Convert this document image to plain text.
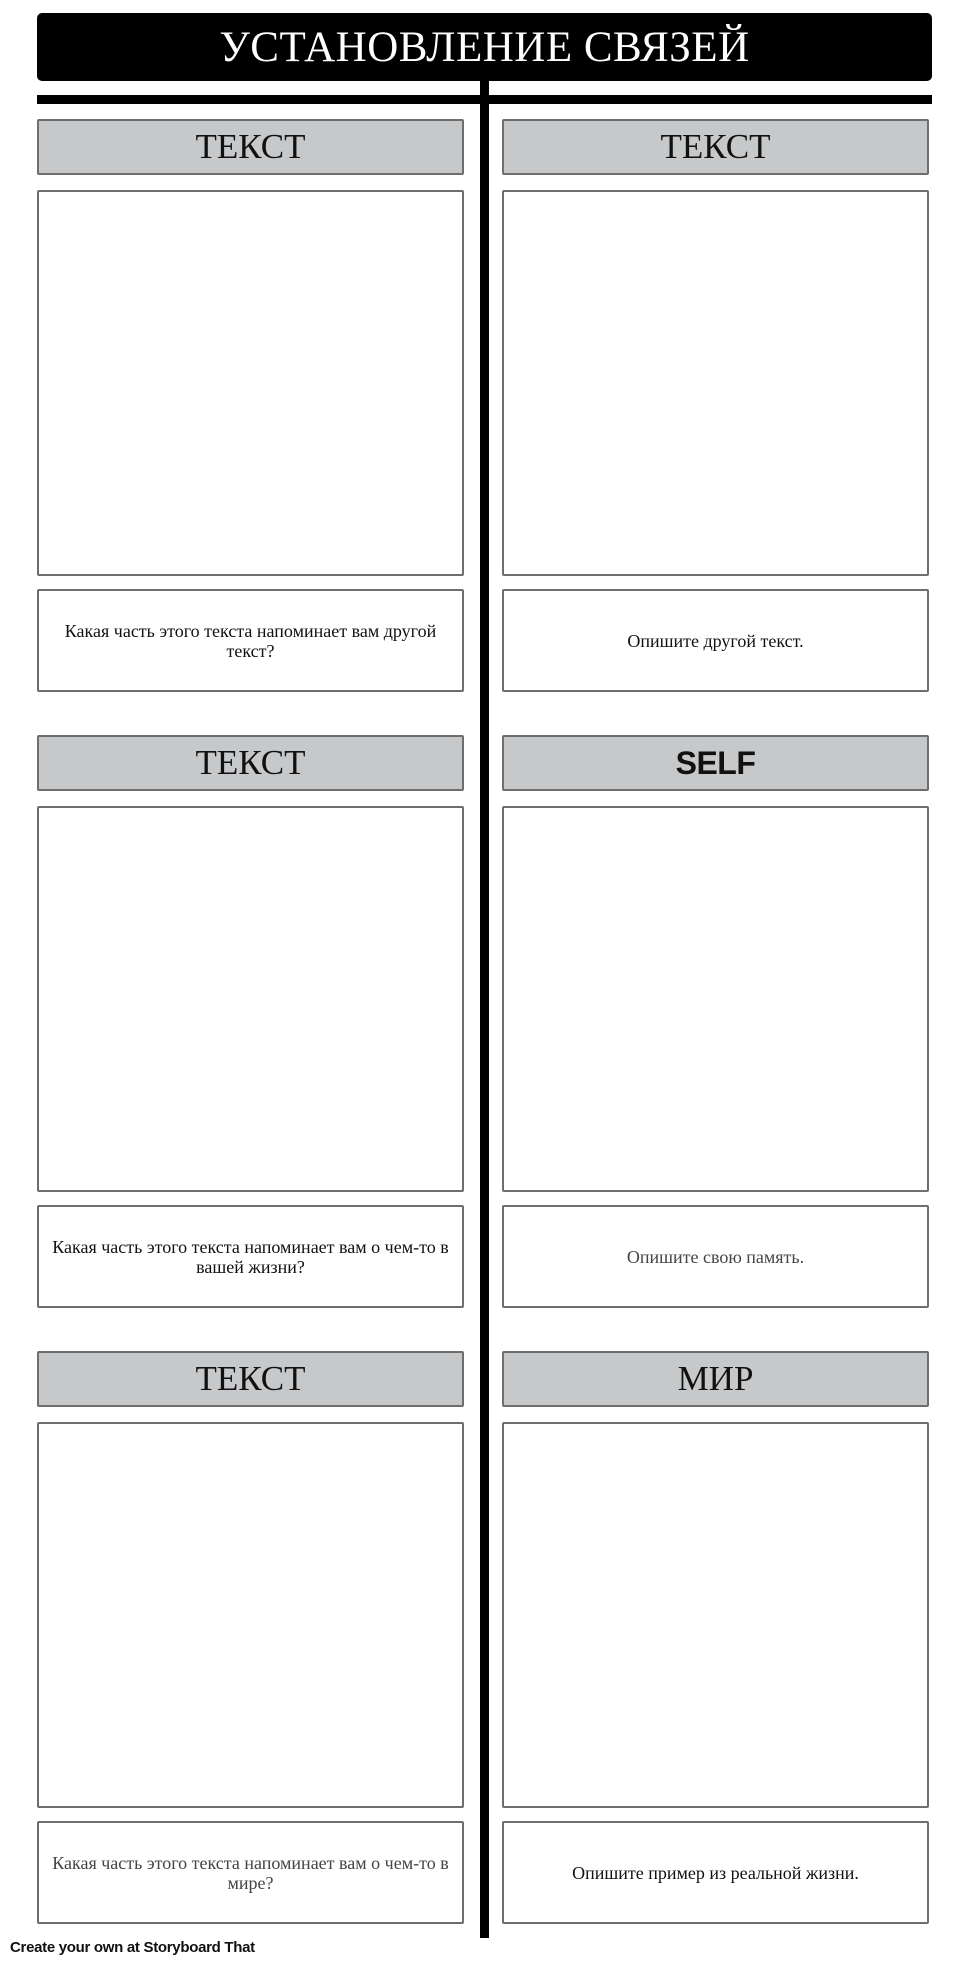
УСТАНОВЛЕНИЕ СВЯЗЕЙ
ТЕКСТ	ТЕКСТ
Какая часть этого текста напоминает вам другой текст?	Опишите другой текст.
ТЕКСТ	SELF
Какая часть этого текста напоминает вам о чем-то в вашей жизни?	Опишите свою память.
ТЕКСТ	МИР
Какая часть этого текста напоминает вам о чем-то в мире?	Опишите пример из реальной жизни.
Create your own at Storyboard That
